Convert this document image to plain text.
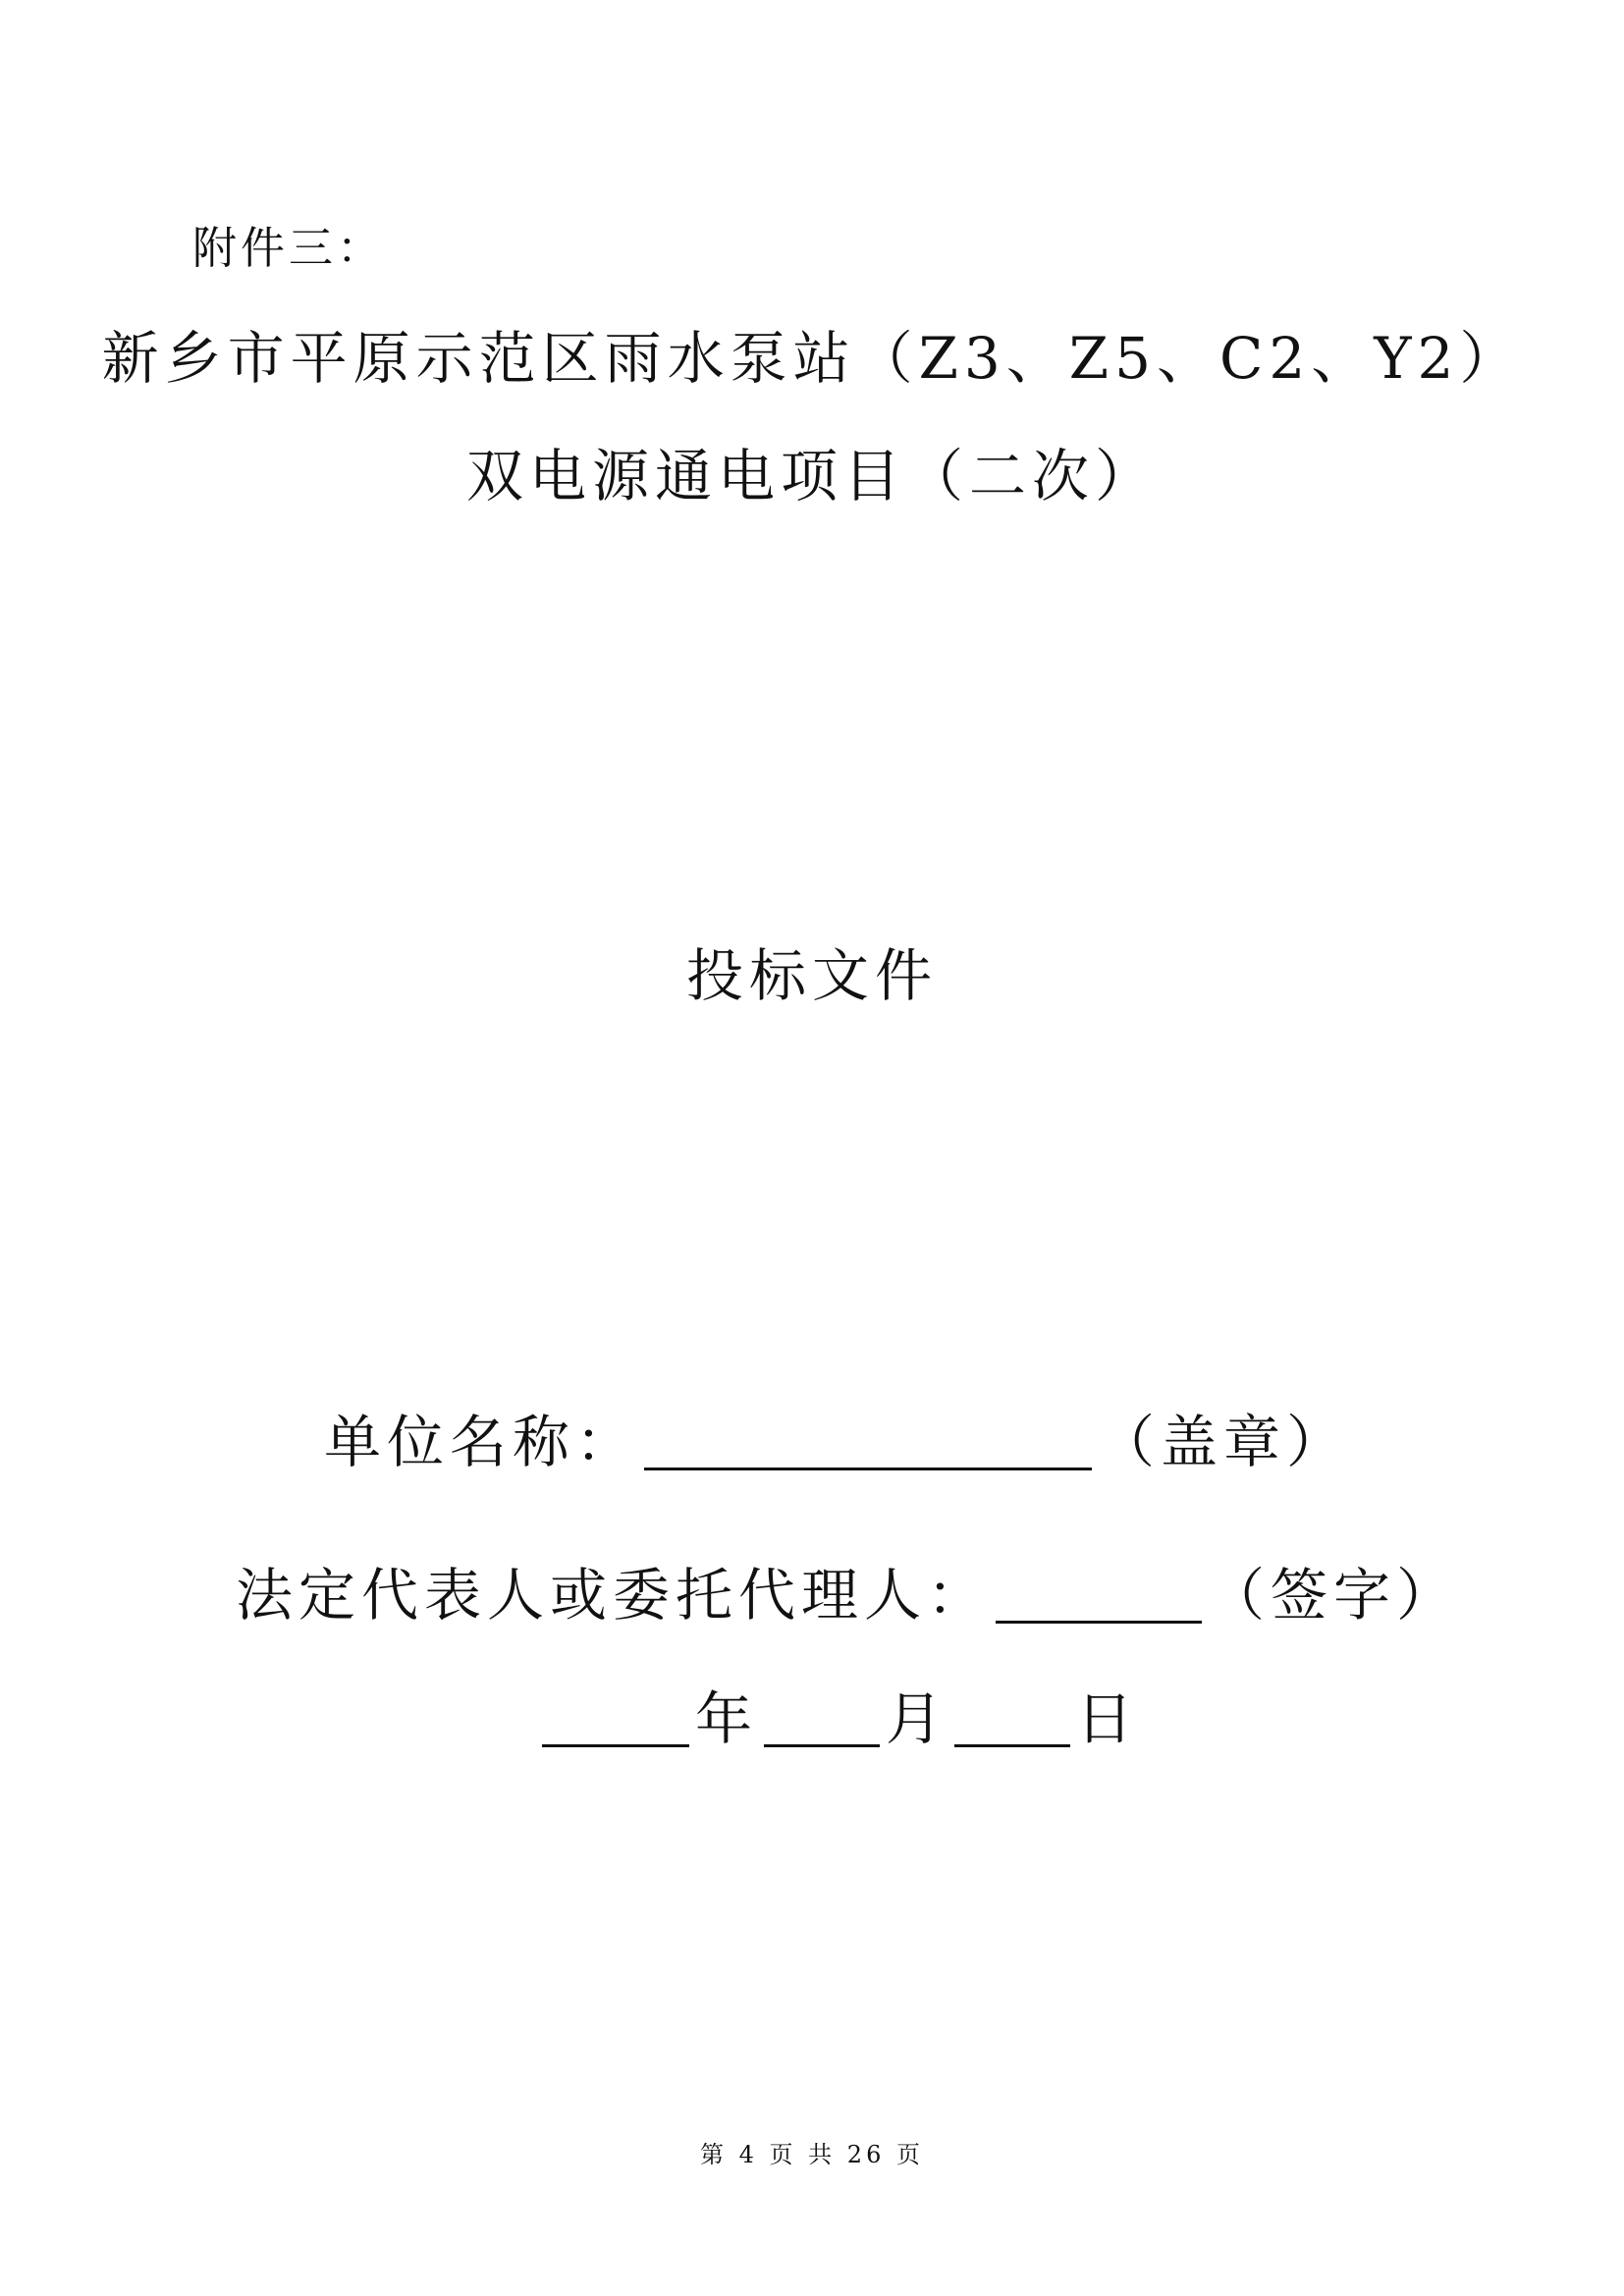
附件三：
新乡市平原示范区雨水泵站（Z3、Z5、C2、Y2）
双电源通电项目（二次）
投标文件
单位名称：	（盖章）
法定代表人或委托代理人：	（签字）
年 月 日
第 4 页 共 26 页
